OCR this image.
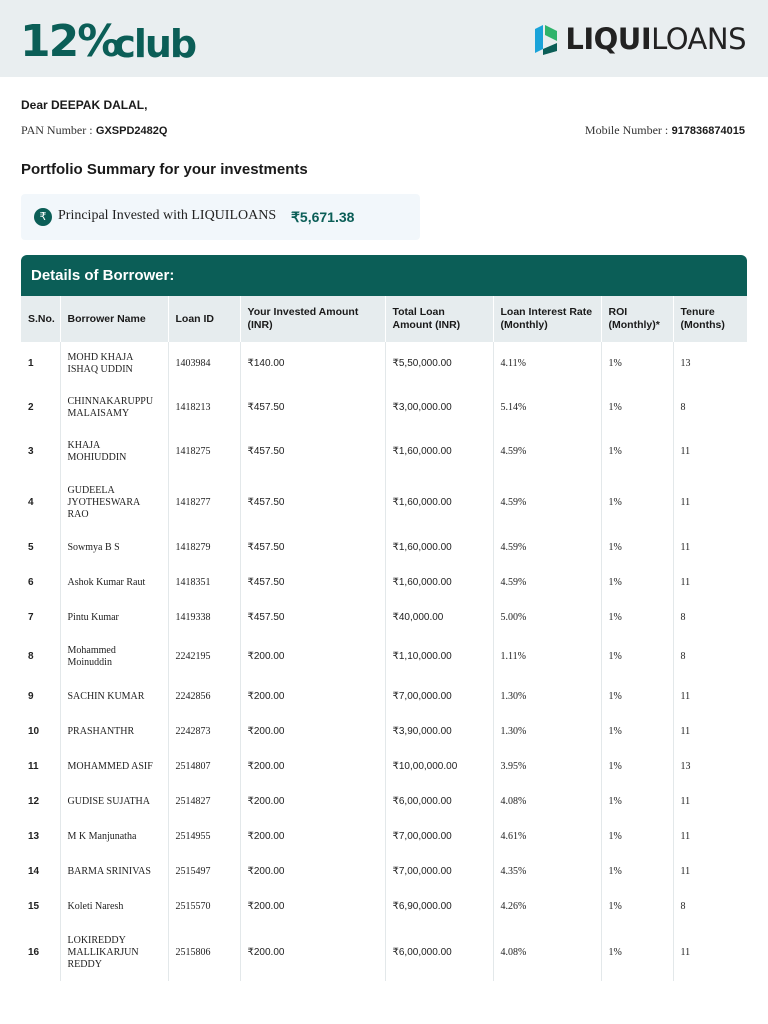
12%
club	LIQUILOANS
Dear DEEPAK DALAL,
PAN Number : GXSPD2482Q	Mobile Number : 917836874015
Portfolio Summary for your investments
₹ Principal Invested with LIQUILOANS ₹5,671.38
Details of Borrower:
S.No.	Borrower Name	Loan ID	Your Invested Amount (INR)	Total Loan Amount (INR)	Loan Interest Rate (Monthly)	ROI (Monthly)*	Tenure (Months)
1	MOHD KHAJA ISHAQ UDDIN	1403984	₹140.00	₹5,50,000.00	4.11%	1%	13
2	CHINNAKARUPPU MALAISAMY	1418213	₹457.50	₹3,00,000.00	5.14%	1%	8
3	KHAJA MOHIUDDIN	1418275	₹457.50	₹1,60,000.00	4.59%	1%	11
4	GUDEELA JYOTHESWARA RAO	1418277	₹457.50	₹1,60,000.00	4.59%	1%	11
5	Sowmya B S	1418279	₹457.50	₹1,60,000.00	4.59%	1%	11
6	Ashok Kumar Raut	1418351	₹457.50	₹1,60,000.00	4.59%	1%	11
7	Pintu Kumar	1419338	₹457.50	₹40,000.00	5.00%	1%	8
8	Mohammed Moinuddin	2242195	₹200.00	₹1,10,000.00	1.11%	1%	8
9	SACHIN KUMAR	2242856	₹200.00	₹7,00,000.00	1.30%	1%	11
10	PRASHANTHR	2242873	₹200.00	₹3,90,000.00	1.30%	1%	11
11	MOHAMMED ASIF	2514807	₹200.00	₹10,00,000.00	3.95%	1%	13
12	GUDISE SUJATHA	2514827	₹200.00	₹6,00,000.00	4.08%	1%	11
13	M K Manjunatha	2514955	₹200.00	₹7,00,000.00	4.61%	1%	11
14	BARMA SRINIVAS	2515497	₹200.00	₹7,00,000.00	4.35%	1%	11
15	Koleti Naresh	2515570	₹200.00	₹6,90,000.00	4.26%	1%	8
16	LOKIREDDY MALLIKARJUN REDDY	2515806	₹200.00	₹6,00,000.00	4.08%	1%	11
